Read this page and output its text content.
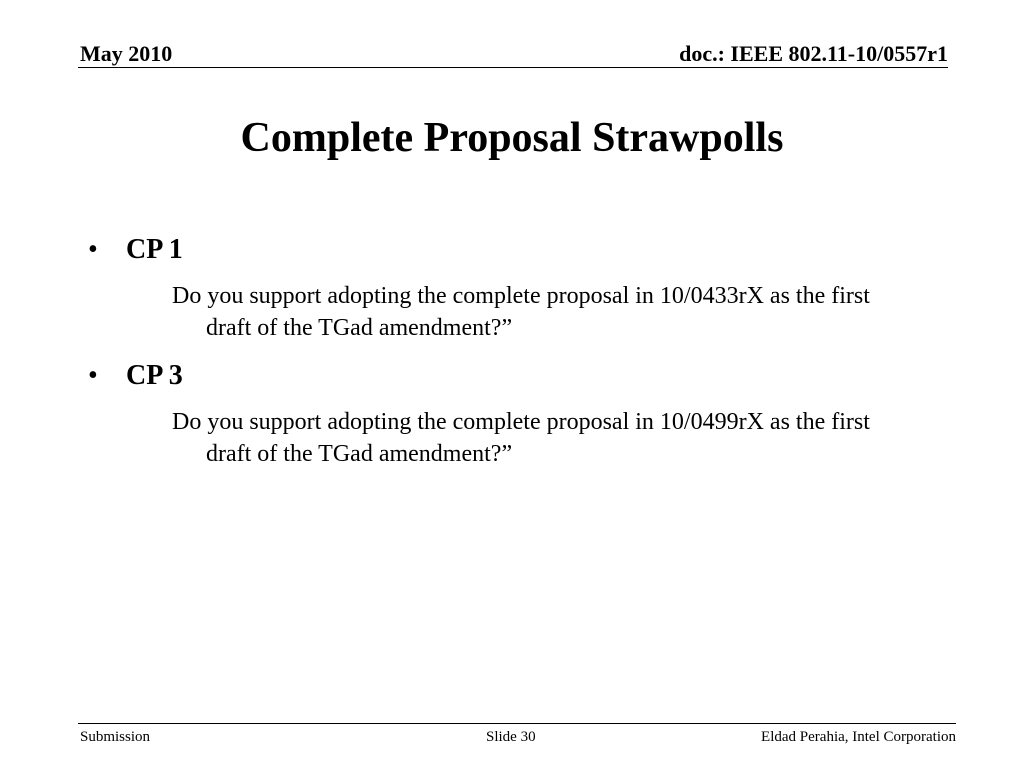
May 2010	doc.: IEEE 802.11-10/0557r1
Complete Proposal Strawpolls
• CP 1
Do you support adopting the complete proposal in 10/0433rX as the first draft of the TGad amendment?”
• CP 3
Do you support adopting the complete proposal in 10/0499rX as the first draft of the TGad amendment?”
Submission	Slide 30	Eldad Perahia, Intel Corporation
